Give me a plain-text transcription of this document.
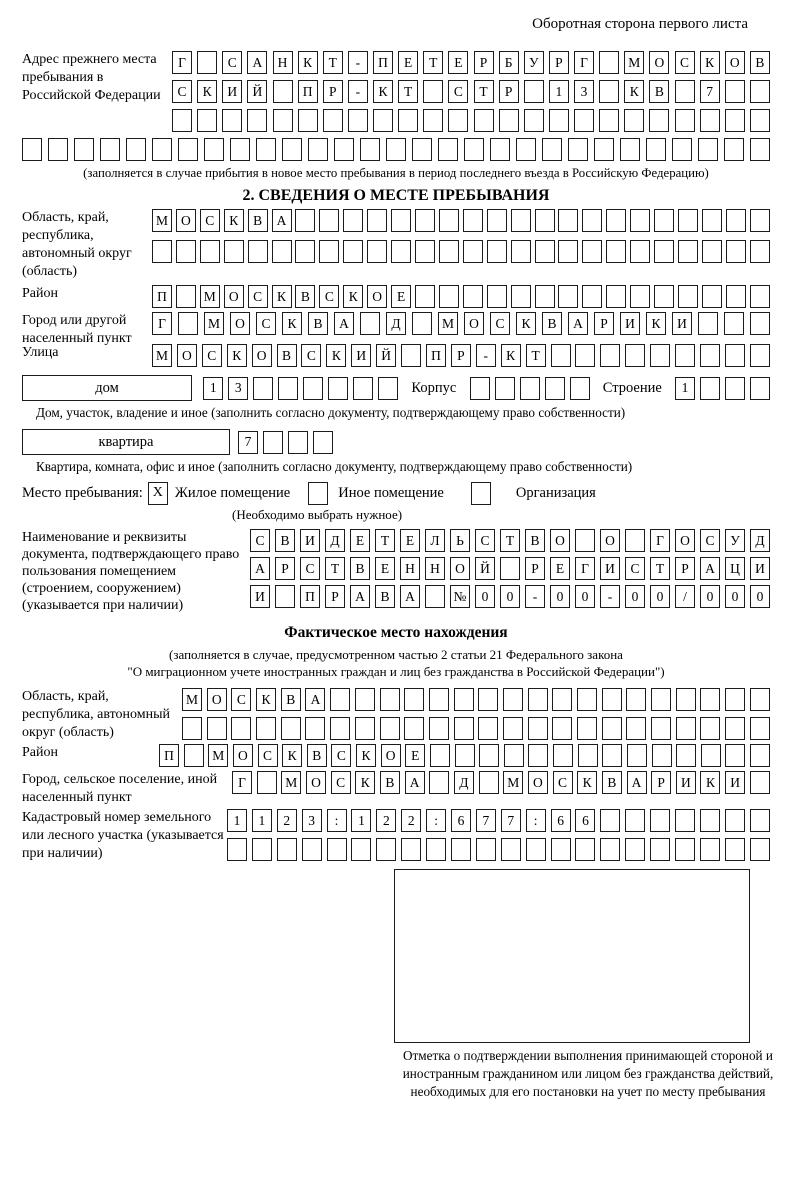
Оборотная сторона первого листа
Адрес прежнего места пребывания в Российской Федерации
Г	С	А	Н	К	Т	-	П	Е	Т	Е	Р	Б	У	Р	Г	М	О	С	К	О	В
С	К	И	Й	П	Р	-	К	Т	С	Т	Р	1	3	К	В	7
(заполняется в случае прибытия в новое место пребывания в период последнего въезда в Российскую Федерацию)
2. СВЕДЕНИЯ О МЕСТЕ ПРЕБЫВАНИЯ
Область, край, республика, автономный округ (область)
М О	С	К	В	А
Район	П	М О	С	К	В	С	К	О	Е
Город или другой населенный пункт
Г	М	О	С	К	В	А	Д	М	О	С	К	В	А	Р	И	К	И
Улица	М	О	С	К	О	В	С	К	И	Й	П	Р	-	К	Т
дом	1	3	Корпус	Строение	1
Дом, участок, владение и иное (заполнить согласно документу, подтверждающему право собственности)
квартира	7
Квартира, комната, офис и иное (заполнить согласно документу, подтверждающему право собственности)
Место пребывания: X Жилое помещение	Иное помещение	Организация
(Необходимо выбрать нужное)
Наименование и реквизиты документа, подтверждающего право пользования помещением (строением, сооружением) (указывается при наличии)
С	В	И	Д	Е	Т	Е	Л	Ь	С	Т	В	О	О	Г	О	С	У	Д
А	Р	С	Т	В	Е	Н	Н	О	Й	Р	Е	Г	И	С	Т	Р	А	Ц	И
И	П	Р	А	В	А	№	0	0	-	0	0	-	0	0	/	0	0	0
Фактическое место нахождения
(заполняется в случае, предусмотренном частью 2 статьи 21 Федерального закона
"О миграционном учете иностранных граждан и лиц без гражданства в Российской Федерации")
Область, край, республика, автономный округ (область)
М	О	С	К	В	А
Район	П	М	О	С	К	В	С	К	О	Е
Город, сельское поселение, иной населенный пункт
Г	М	О	С	К	В	А	Д	М	О	С	К	В	А	Р	И	К	И
Кадастровый номер земельного или лесного участка (указывается при наличии)
1	1	2	3	:	1	2	2	:	6	7	7	:	6	6
Отметка о подтверждении выполнения принимающей стороной и иностранным гражданином или лицом без гражданства действий, необходимых для его постановки на учет по месту пребывания
